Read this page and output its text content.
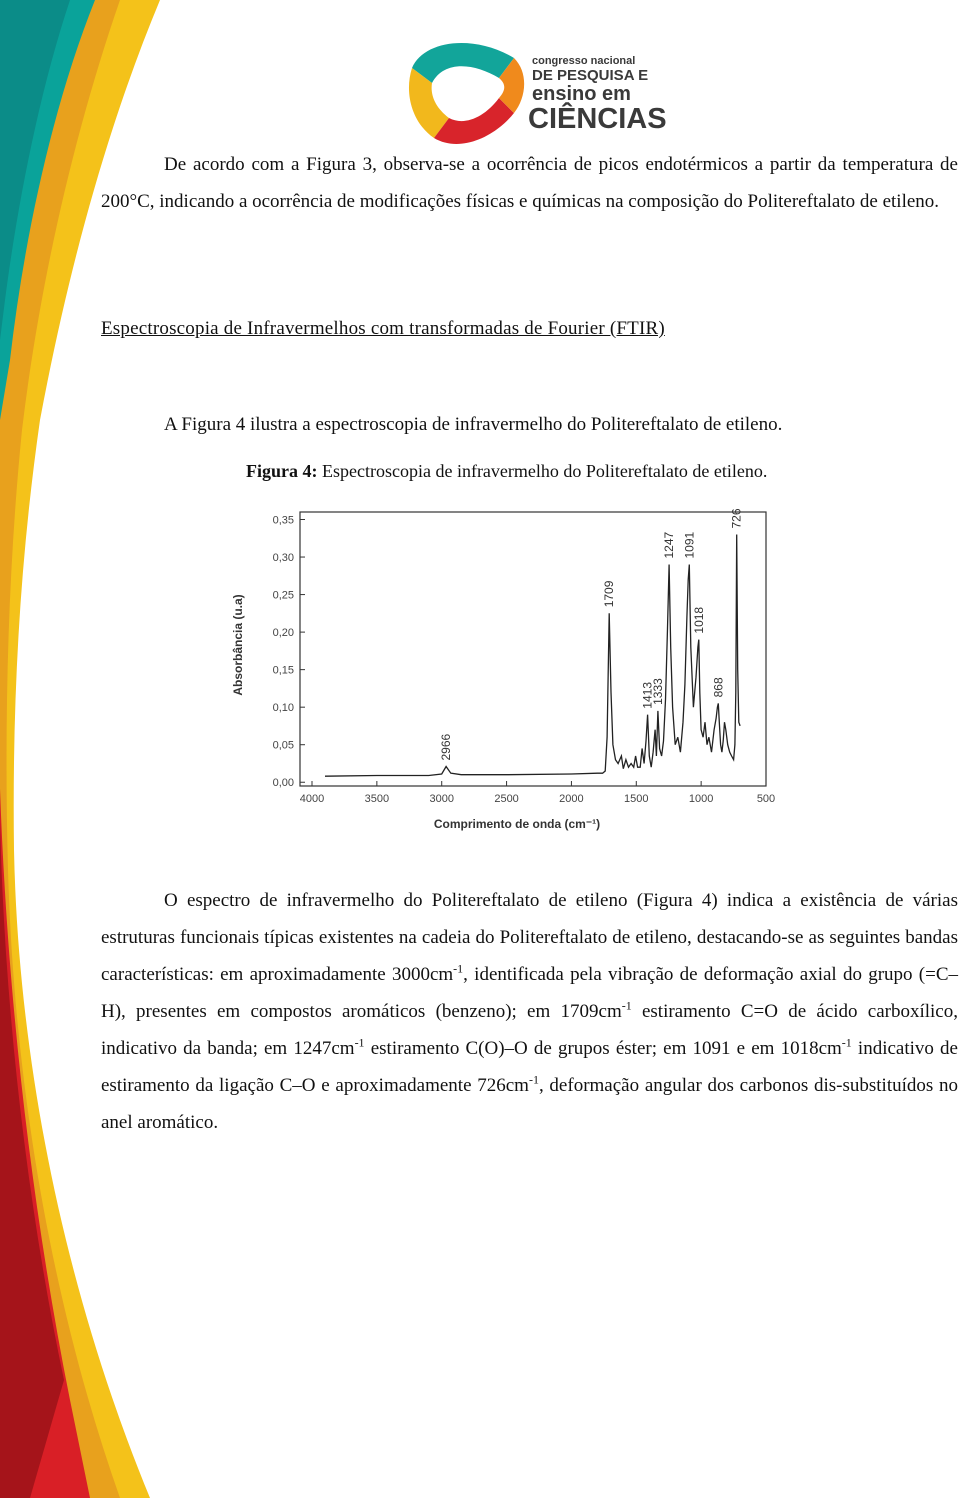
congresso nacional
DE PESQUISA E
ensino em
CIÊNCIAS

De acordo com a Figura 3, observa-se a ocorrência de picos endotérmicos a partir da temperatura de 200°C, indicando a ocorrência de modificações físicas e químicas na composição do Politereftalato de etileno.

Espectroscopia de Infravermelhos com transformadas de Fourier (FTIR)

A Figura 4 ilustra a espectroscopia de infravermelho do Politereftalato de etileno.

Figura 4: Espectroscopia de infravermelho do Politereftalato de etileno.

0,00
0,05
0,10
0,15
0,20
0,25
0,30
0,35
4000	3500	3000	2500	2000	1500	1000	500
2966
1709
1413
1333
1247 1091
1018
868
726
Absorbância (u.a)
Comprimento de onda (cm⁻¹)

O espectro de infravermelho do Politereftalato de etileno (Figura 4) indica a existência de várias estruturas funcionais típicas existentes na cadeia do Politereftalato de etileno, destacando-se as seguintes bandas características: em aproximadamente $3000cm^{-1}$, identificada pela vibração de deformação axial do grupo (=C–H), presentes em compostos aromáticos (benzeno); em $1709cm^{-1}$ estiramento C=O de ácido carboxílico, indicativo da banda; em $1247cm^{-1}$ estiramento C(O)–O de grupos éster; em 1091 e em $1018cm^{-1}$ indicativo de estiramento da ligação C–O e aproximadamente $726cm^{-1}$, deformação angular dos carbonos dis-substituídos no anel aromático.
